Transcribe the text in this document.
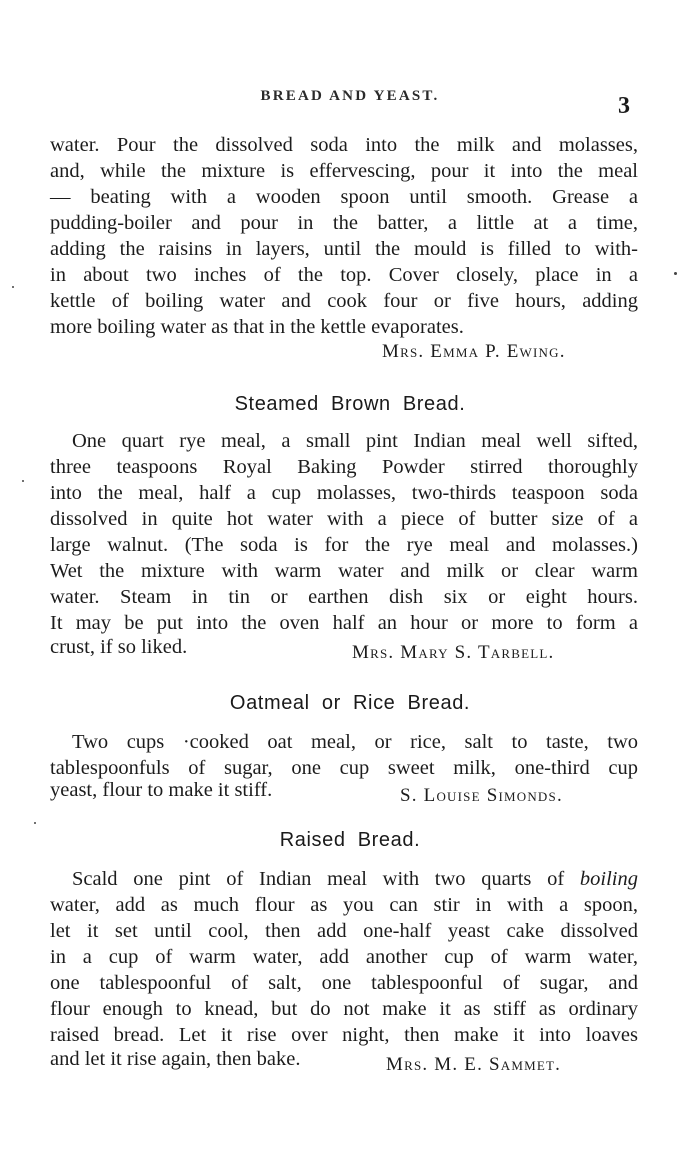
BREAD AND YEAST.	3
water. Pour the dissolved soda into the milk and molasses,
and, while the mixture is effervescing, pour it into the meal
— beating with a wooden spoon until smooth. Grease a
pudding-boiler and pour in the batter, a little at a time,
adding the raisins in layers, until the mould is filled to with-
in about two inches of the top. Cover closely, place in a
kettle of boiling water and cook four or five hours, adding
more boiling water as that in the kettle evaporates.
Mrs. Emma P. Ewing.
Steamed Brown Bread.
One quart rye meal, a small pint Indian meal well sifted,
three teaspoons Royal Baking Powder stirred thoroughly
into the meal, half a cup molasses, two-thirds teaspoon soda
dissolved in quite hot water with a piece of butter size of a
large walnut. (The soda is for the rye meal and molasses.)
Wet the mixture with warm water and milk or clear warm
water. Steam in tin or earthen dish six or eight hours.
It may be put into the oven half an hour or more to form a
crust, if so liked.	Mrs. Mary S. Tarbell.
Oatmeal or Rice Bread.
Two cups ·cooked oat meal, or rice, salt to taste, two
tablespoonfuls of sugar, one cup sweet milk, one-third cup
yeast, flour to make it stiff.	S. Louise Simonds.
Raised Bread.
Scald one pint of Indian meal with two quarts of boiling
water, add as much flour as you can stir in with a spoon,
let it set until cool, then add one-half yeast cake dissolved
in a cup of warm water, add another cup of warm water,
one tablespoonful of salt, one tablespoonful of sugar, and
flour enough to knead, but do not make it as stiff as ordinary
raised bread. Let it rise over night, then make it into loaves
and let it rise again, then bake.	Mrs. M. E. Sammet.
